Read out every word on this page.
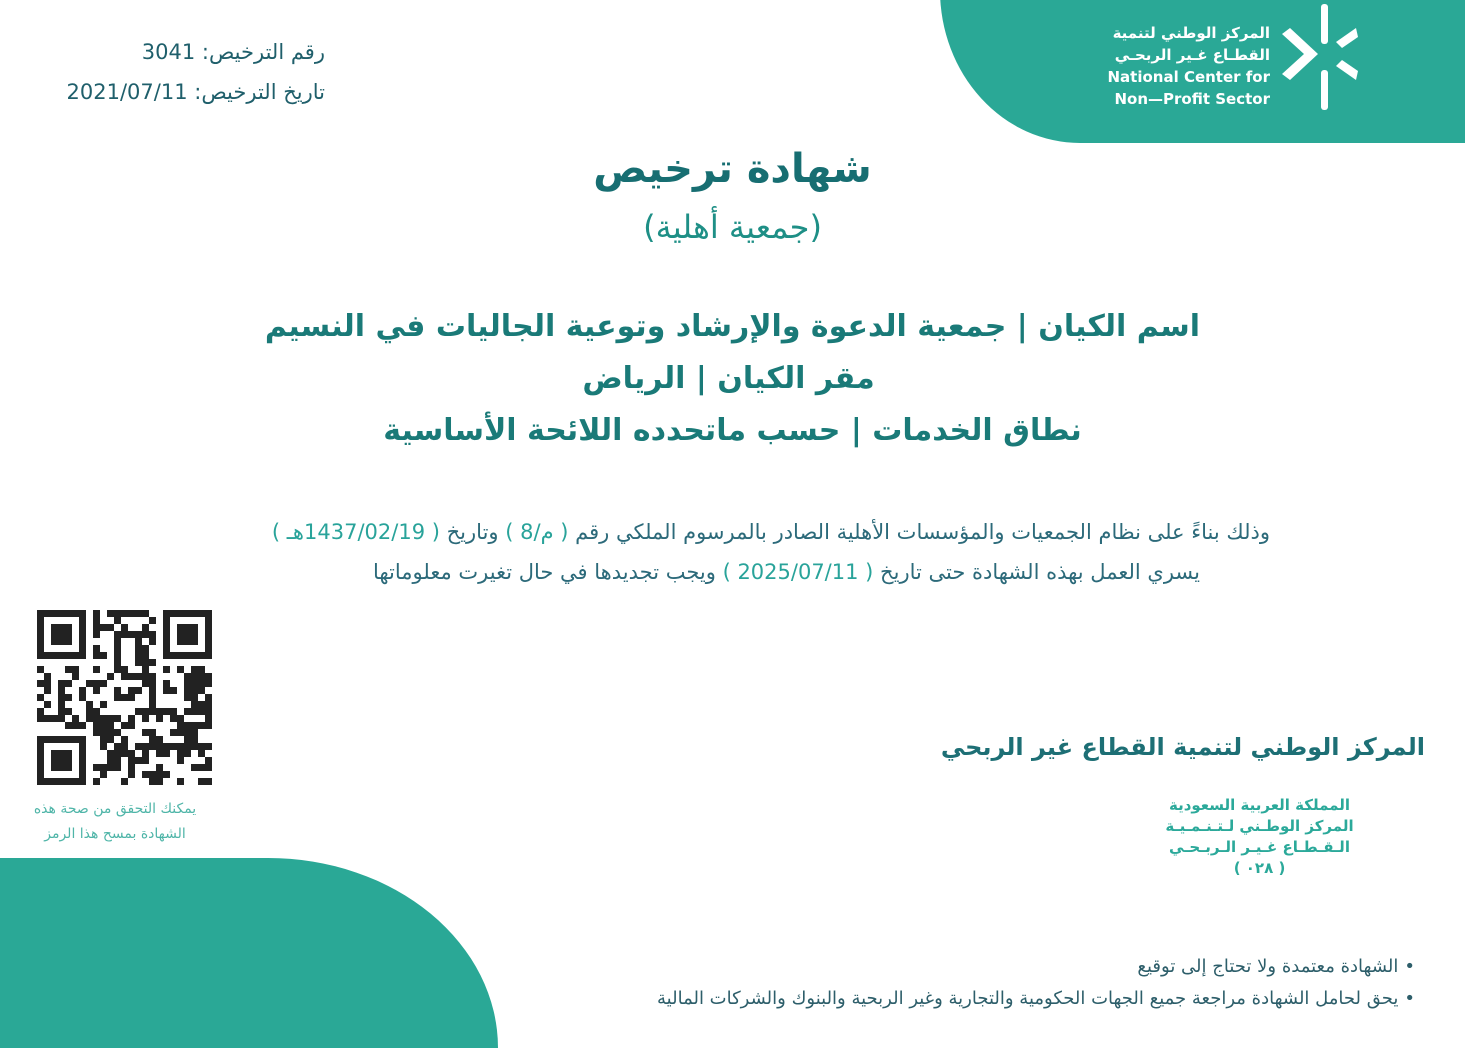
المركز الوطني لتنمية
القطـاع غـير الربحـي
National Center for
Non—Profit Sector
رقم الترخيص: 3041
تاريخ الترخيص: 2021/07/11
شهادة ترخيص
(جمعية أهلية)
اسم الكيان | جمعية الدعوة والإرشاد وتوعية الجاليات في النسيم
مقر الكيان | الرياض
نطاق الخدمات | حسب ماتحدده اللائحة الأساسية
وذلك بناءً على نظام الجمعيات والمؤسسات الأهلية الصادر بالمرسوم الملكي رقم ( م/8 ) وتاريخ ( 1437/02/19هـ )
يسري العمل بهذه الشهادة حتى تاريخ ( 2025/07/11 ) ويجب تجديدها في حال تغيرت معلوماتها
يمكنك التحقق من صحة هذه
الشهادة بمسح هذا الرمز
المركز الوطني لتنمية القطاع غير الربحي
المملكة العربية السعودية
المركز الوطـني لـتـنـمـيـة
الـقـطـاع غـيـر الـربـحـي
( ٠٢٨ )
•الشهادة معتمدة ولا تحتاج إلى توقيع
•يحق لحامل الشهادة مراجعة جميع الجهات الحكومية والتجارية وغير الربحية والبنوك والشركات المالية
